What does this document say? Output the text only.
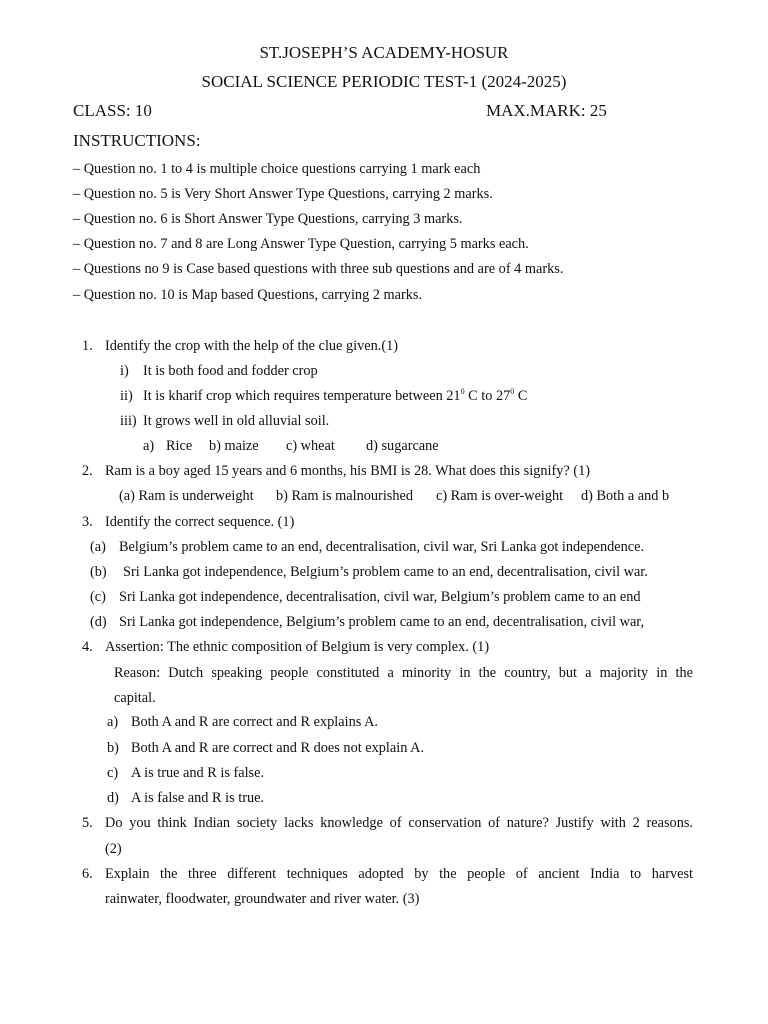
ST.JOSEPH’S ACADEMY-HOSUR
SOCIAL SCIENCE PERIODIC TEST-1 (2024-2025)
CLASS: 10	MAX.MARK: 25
INSTRUCTIONS:
– Question no. 1 to 4 is multiple choice questions carrying 1 mark each
– Question no. 5 is Very Short Answer Type Questions, carrying 2 marks.
– Question no. 6 is Short Answer Type Questions, carrying 3 marks.
– Question no. 7 and 8 are Long Answer Type Question, carrying 5 marks each.
– Questions no 9 is Case based questions with three sub questions and are of 4 marks.
– Question no. 10 is Map based Questions, carrying 2 marks.
1. Identify the crop with the help of the clue given.(1)
i) It is both food and fodder crop
ii) It is kharif crop which requires temperature between $21^0$ C to $27^0$ C
iii) It grows well in old alluvial soil.
a) Rice b) maize c) wheat d) sugarcane
2. Ram is a boy aged 15 years and 6 months, his BMI is 28. What does this signify? (1)
(a) Ram is underweight b) Ram is malnourished c) Ram is over-weight d) Both a and b
3. Identify the correct sequence. (1)
(a) Belgium’s problem came to an end, decentralisation, civil war, Sri Lanka got independence.
(b) Sri Lanka got independence, Belgium’s problem came to an end, decentralisation, civil war.
(c) Sri Lanka got independence, decentralisation, civil war, Belgium’s problem came to an end
(d) Sri Lanka got independence, Belgium’s problem came to an end, decentralisation, civil war,
4. Assertion: The ethnic composition of Belgium is very complex. (1)
Reason: Dutch speaking people constituted a minority in the country, but a majority in the
capital.
a) Both A and R are correct and R explains A.
b) Both A and R are correct and R does not explain A.
c) A is true and R is false.
d) A is false and R is true.
5. Do you think Indian society lacks knowledge of conservation of nature? Justify with 2 reasons.
(2)
6. Explain the three different techniques adopted by the people of ancient India to harvest
rainwater, floodwater, groundwater and river water. (3)
